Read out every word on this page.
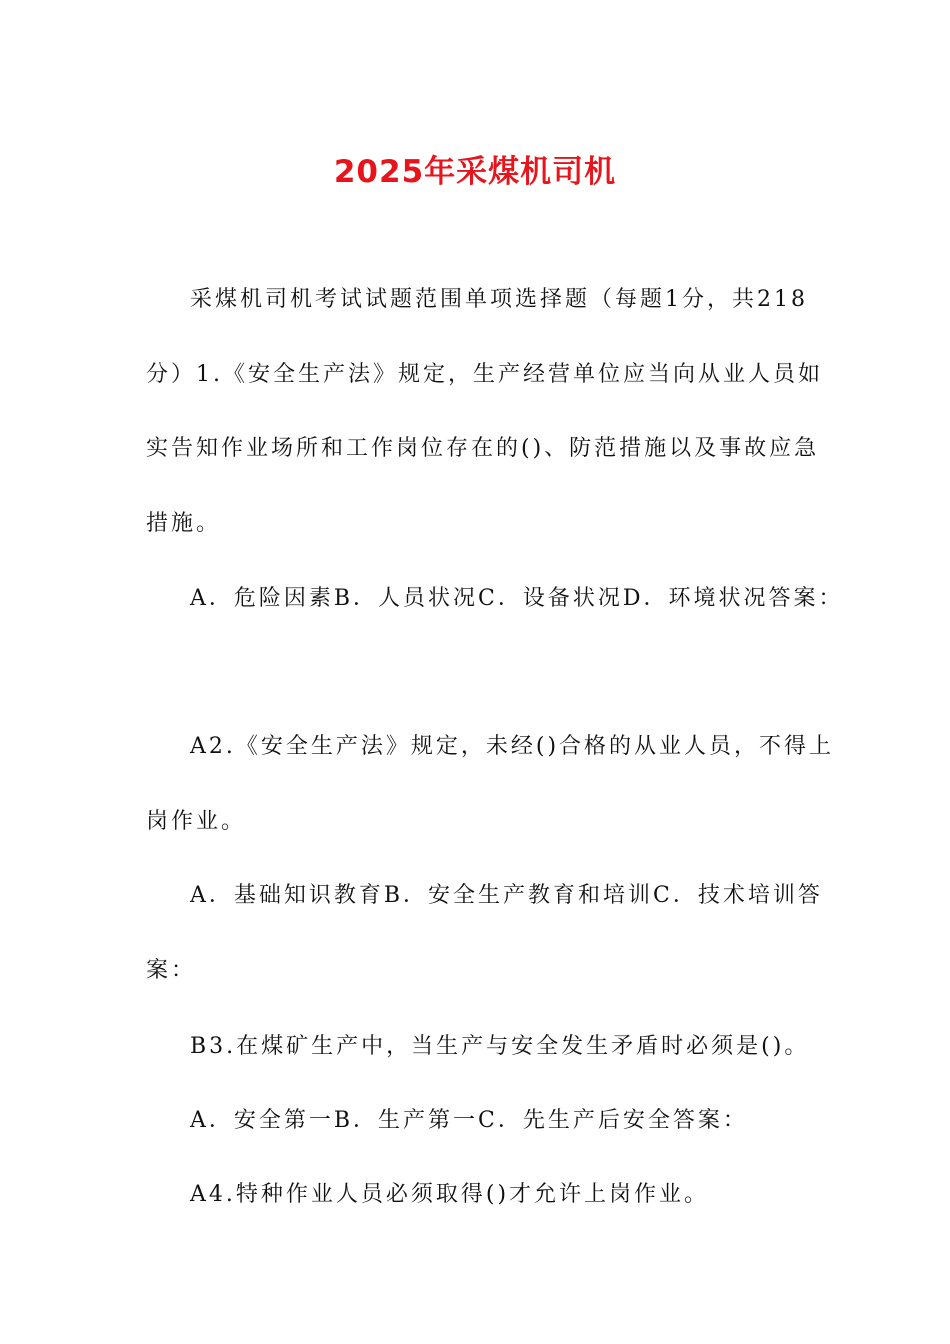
2025年采煤机司机
采煤机司机考试试题范围单项选择题（每题1分，共218
分）1.《安全生产法》规定，生产经营单位应当向从业人员如
实告知作业场所和工作岗位存在的()、防范措施以及事故应急
措施。
A．危险因素B．人员状况C．设备状况D．环境状况答案：
A2.《安全生产法》规定，未经()合格的从业人员，不得上
岗作业。
A．基础知识教育B．安全生产教育和培训C．技术培训答
案：
B3.在煤矿生产中，当生产与安全发生矛盾时必须是()。
A．安全第一B．生产第一C．先生产后安全答案：
A4.特种作业人员必须取得()才允许上岗作业。
